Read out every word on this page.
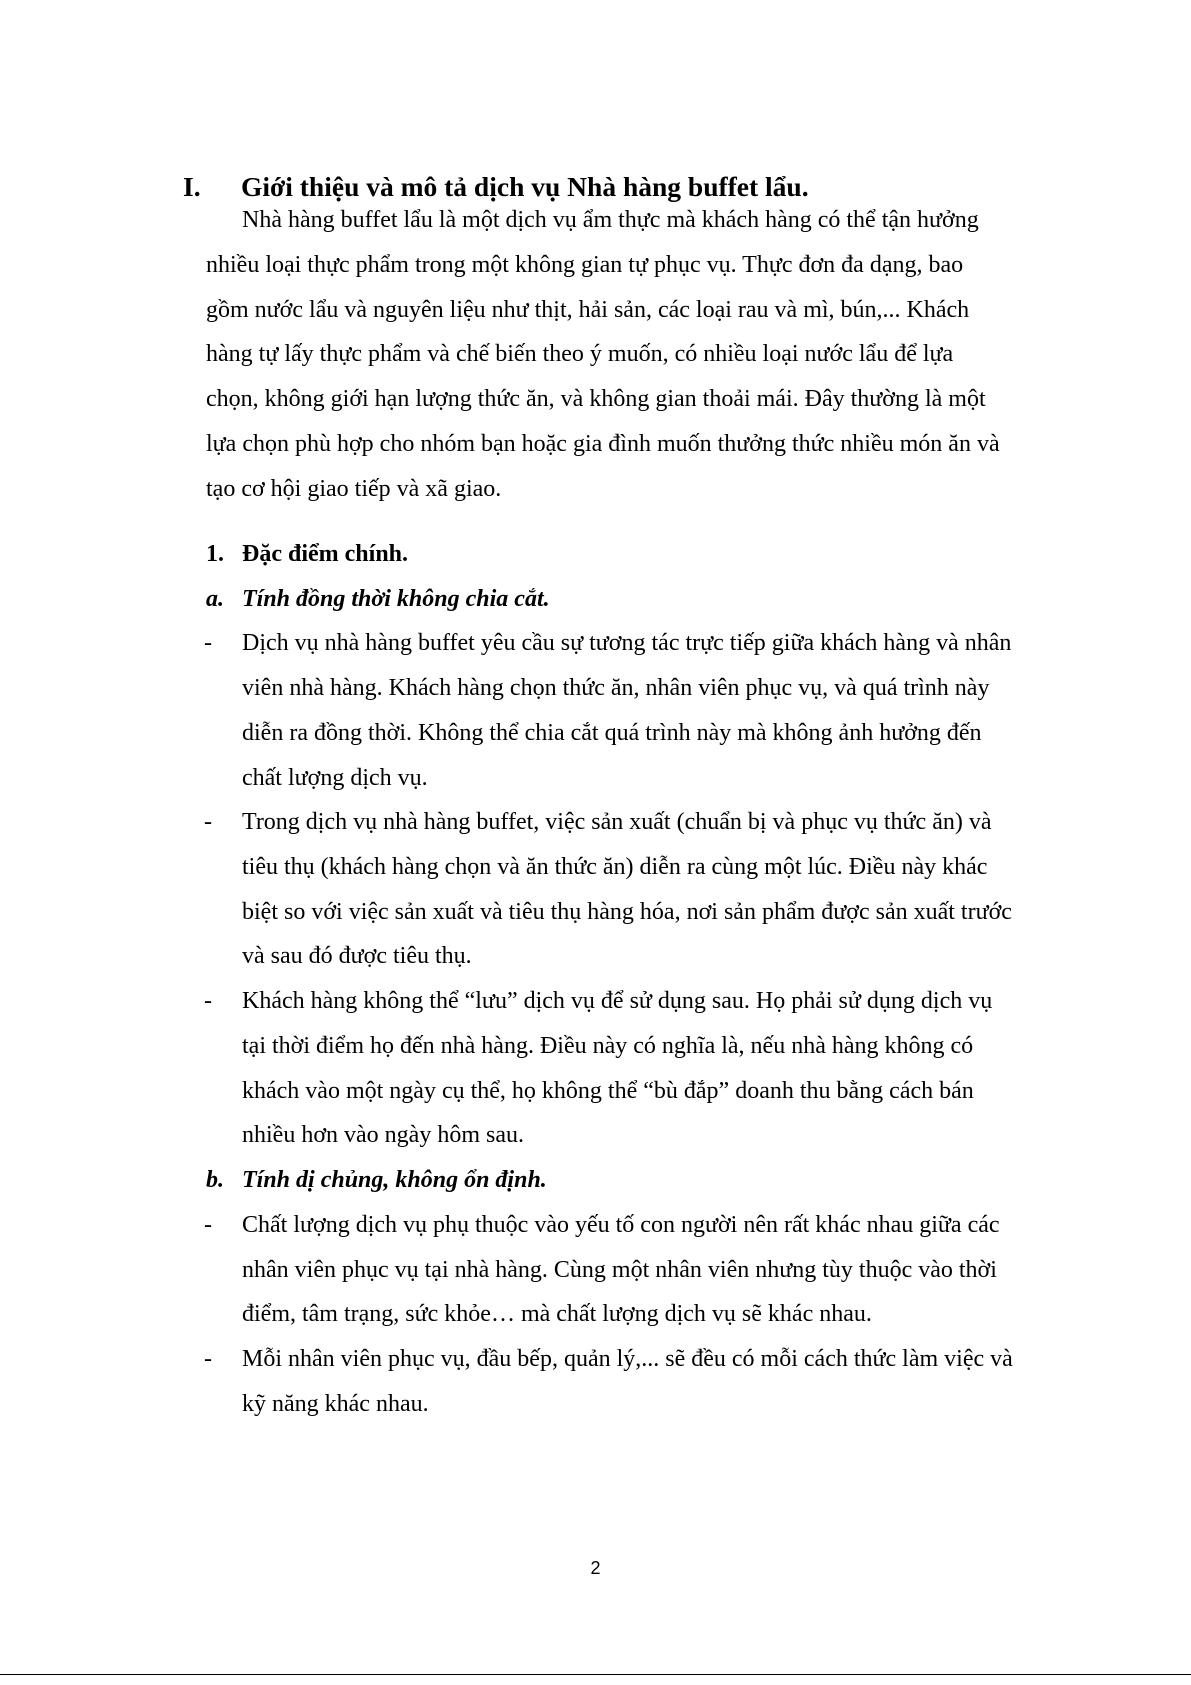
I. Giới thiệu và mô tả dịch vụ Nhà hàng buffet lẩu.
Nhà hàng buffet lẩu là một dịch vụ ẩm thực mà khách hàng có thể tận hưởng
nhiều loại thực phẩm trong một không gian tự phục vụ. Thực đơn đa dạng, bao
gồm nước lẩu và nguyên liệu như thịt, hải sản, các loại rau và mì, bún,... Khách
hàng tự lấy thực phẩm và chế biến theo ý muốn, có nhiều loại nước lẩu để lựa
chọn, không giới hạn lượng thức ăn, và không gian thoải mái. Đây thường là một
lựa chọn phù hợp cho nhóm bạn hoặc gia đình muốn thưởng thức nhiều món ăn và
tạo cơ hội giao tiếp và xã giao.
1. Đặc điểm chính.
a. Tính đồng thời không chia cắt.
- Dịch vụ nhà hàng buffet yêu cầu sự tương tác trực tiếp giữa khách hàng và nhân
viên nhà hàng. Khách hàng chọn thức ăn, nhân viên phục vụ, và quá trình này
diễn ra đồng thời. Không thể chia cắt quá trình này mà không ảnh hưởng đến
chất lượng dịch vụ.
- Trong dịch vụ nhà hàng buffet, việc sản xuất (chuẩn bị và phục vụ thức ăn) và
tiêu thụ (khách hàng chọn và ăn thức ăn) diễn ra cùng một lúc. Điều này khác
biệt so với việc sản xuất và tiêu thụ hàng hóa, nơi sản phẩm được sản xuất trước
và sau đó được tiêu thụ.
- Khách hàng không thể “lưu” dịch vụ để sử dụng sau. Họ phải sử dụng dịch vụ
tại thời điểm họ đến nhà hàng. Điều này có nghĩa là, nếu nhà hàng không có
khách vào một ngày cụ thể, họ không thể “bù đắp” doanh thu bằng cách bán
nhiều hơn vào ngày hôm sau.
b. Tính dị chủng, không ổn định.
- Chất lượng dịch vụ phụ thuộc vào yếu tố con người nên rất khác nhau giữa các
nhân viên phục vụ tại nhà hàng. Cùng một nhân viên nhưng tùy thuộc vào thời
điểm, tâm trạng, sức khỏe… mà chất lượng dịch vụ sẽ khác nhau.
- Mỗi nhân viên phục vụ, đầu bếp, quản lý,... sẽ đều có mỗi cách thức làm việc và
kỹ năng khác nhau.
2
